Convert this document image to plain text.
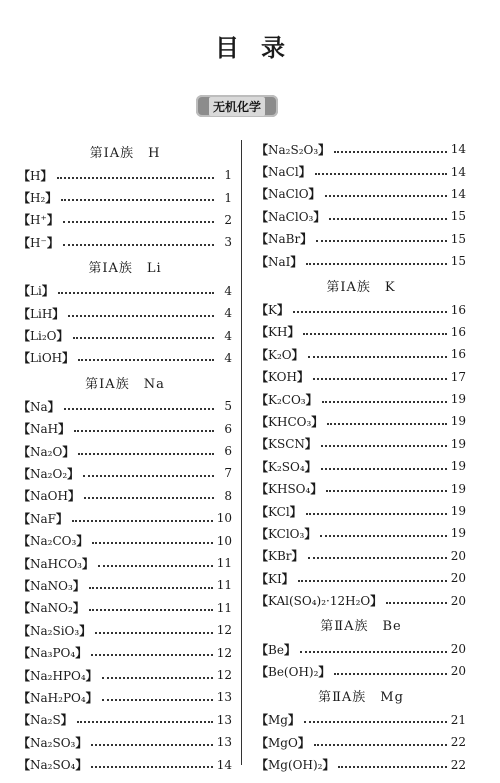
目录
无机化学
第ⅠA族　H
【 H 】	1
【 H₂ 】	1
【 H⁺ 】	2
【 H⁻ 】	3
第ⅠA族　Li
【 Li 】	4
【 LiH 】	4
【 Li₂O 】	4
【 LiOH 】	4
第ⅠA族　Na
【 Na 】	5
【 NaH 】	6
【 Na₂O 】	6
【 Na₂O₂ 】	7
【 NaOH 】	8
【 NaF 】	10
【 Na₂CO₃ 】	10
【 NaHCO₃ 】	11
【 NaNO₃ 】	11
【 NaNO₂ 】	11
【 Na₂SiO₃ 】	12
【 Na₃PO₄ 】	12
【 Na₂HPO₄ 】	12
【 NaH₂PO₄ 】	13
【 Na₂S 】	13
【 Na₂SO₃ 】	13
【 Na₂SO₄ 】	14
【 Na₂S₂O₃ 】	14
【 NaCl 】	14
【 NaClO 】	14
【 NaClO₃ 】	15
【 NaBr 】	15
【 NaI 】	15
第ⅠA族　K
【 K 】	16
【 KH 】	16
【 K₂O 】	16
【 KOH 】	17
【 K₂CO₃ 】	19
【 KHCO₃ 】	19
【 KSCN 】	19
【 K₂SO₄ 】	19
【 KHSO₄ 】	19
【 KCl 】	19
【 KClO₃ 】	19
【 KBr 】	20
【 KI 】	20
【 KAl(SO₄)₂·12H₂O 】	20
第ⅡA族　Be
【 Be 】	20
【 Be(OH)₂ 】	20
第ⅡA族　Mg
【 Mg 】	21
【 MgO 】	22
【 Mg(OH)₂ 】	22
